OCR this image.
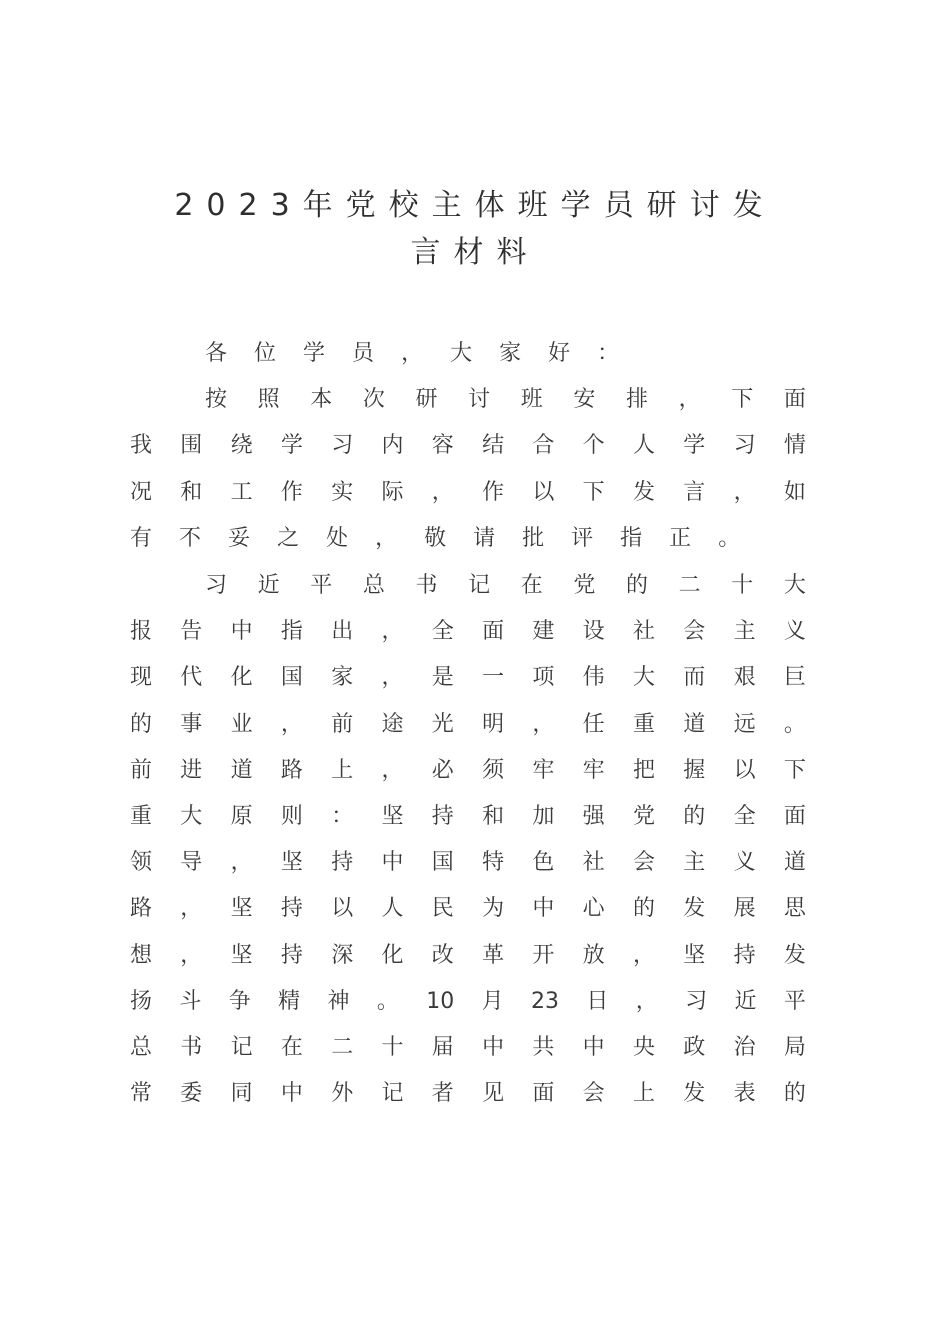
2023年党校主体班学员研讨发
言材料
各 位 学 员 ， 大 家 好 ：
按 照 本 次 研 讨 班 安 排 ， 下 面
我 围 绕 学 习 内 容 结 合 个 人 学 习 情
况 和 工 作 实 际 ， 作 以 下 发 言 ， 如
有 不 妥 之 处 ， 敬 请 批 评 指 正 。
习 近 平 总 书 记 在 党 的 二 十 大
报 告 中 指 出 ， 全 面 建 设 社 会 主 义
现 代 化 国 家 ， 是 一 项 伟 大 而 艰 巨
的 事 业 ， 前 途 光 明 ， 任 重 道 远 。
前 进 道 路 上 ， 必 须 牢 牢 把 握 以 下
重 大 原 则 ： 坚 持 和 加 强 党 的 全 面
领 导 ， 坚 持 中 国 特 色 社 会 主 义 道
路 ， 坚 持 以 人 民 为 中 心 的 发 展 思
想 ， 坚 持 深 化 改 革 开 放 ， 坚 持 发
扬 斗 争 精 神 。 10 月 23 日 ， 习 近 平
总 书 记 在 二 十 届 中 共 中 央 政 治 局
常 委 同 中 外 记 者 见 面 会 上 发 表 的
